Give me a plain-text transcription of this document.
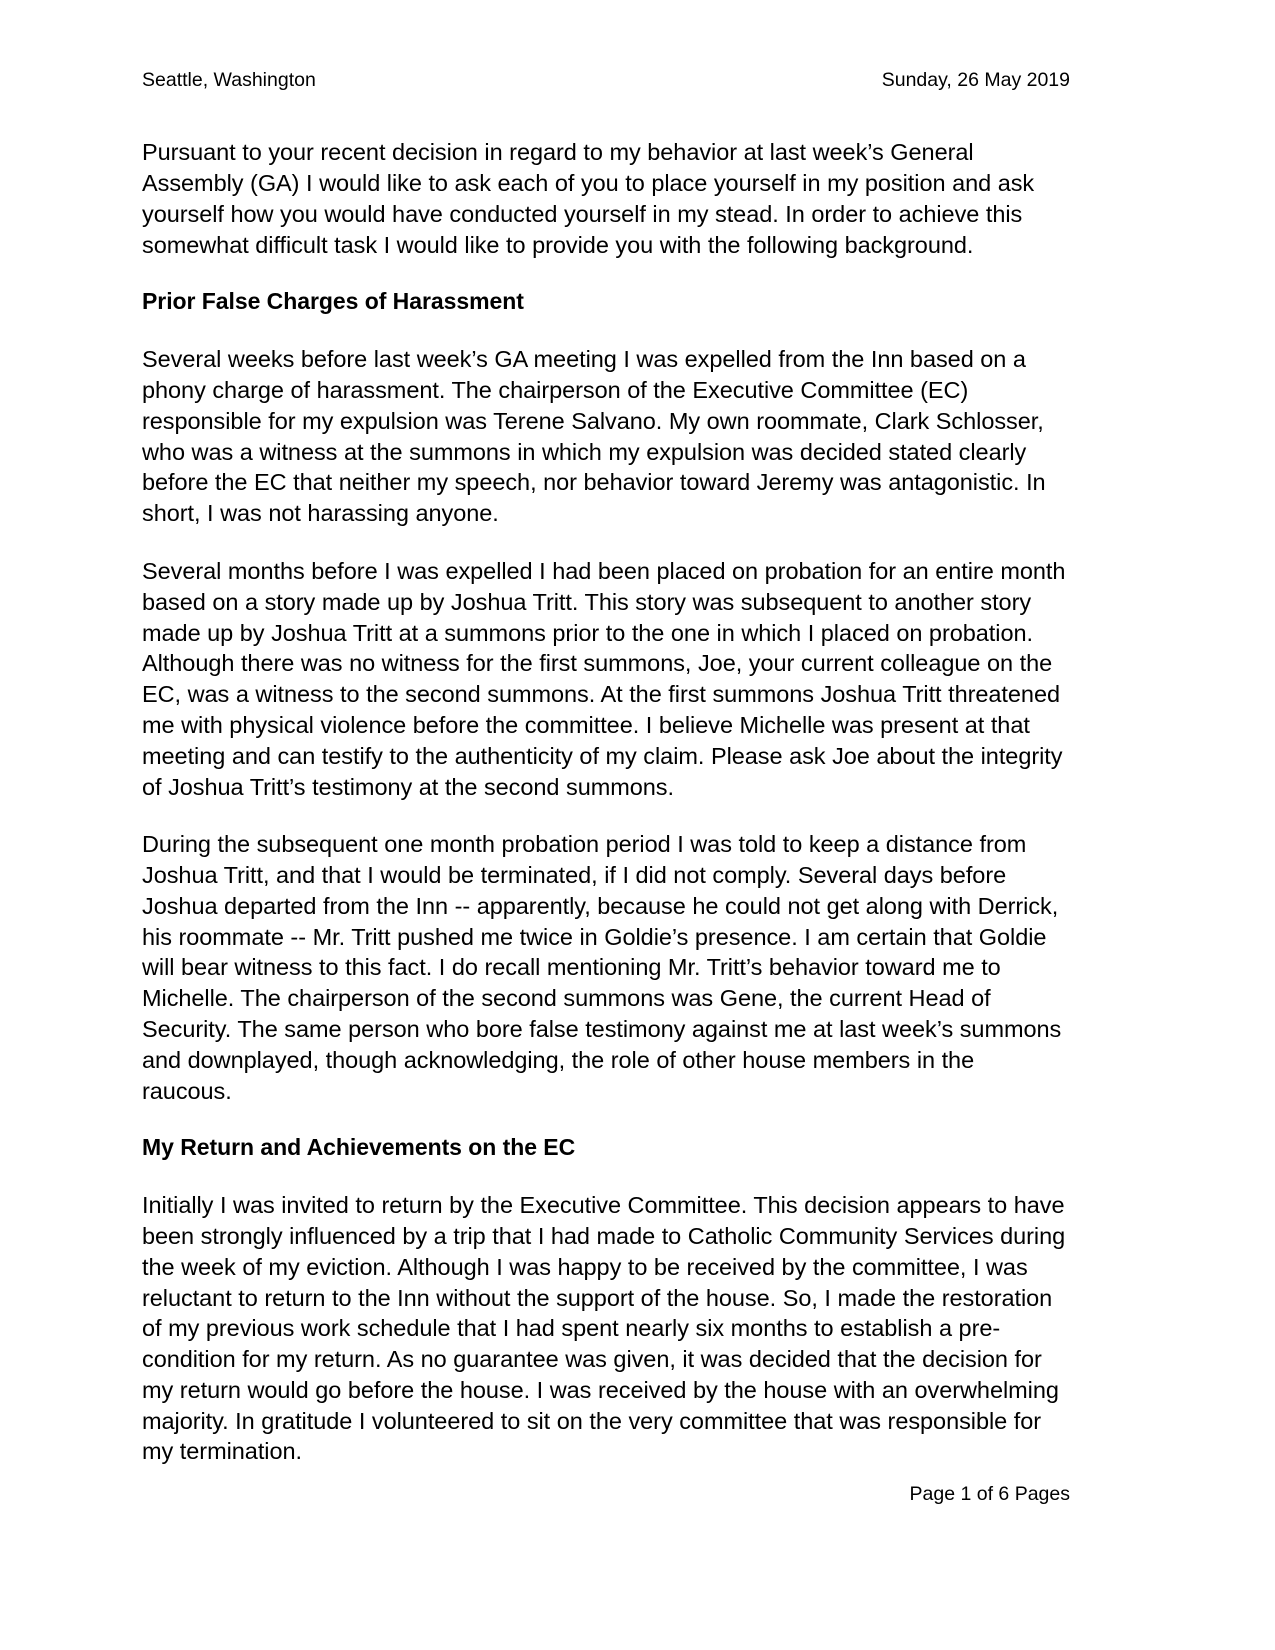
Seattle, Washington	Sunday, 26 May 2019

Pursuant to your recent decision in regard to my behavior at last week’s General Assembly (GA) I would like to ask each of you to place yourself in my position and ask yourself how you would have conducted yourself in my stead. In order to achieve this somewhat difficult task I would like to provide you with the following background.

Prior False Charges of Harassment

Several weeks before last week’s GA meeting I was expelled from the Inn based on a phony charge of harassment. The chairperson of the Executive Committee (EC) responsible for my expulsion was Terene Salvano. My own roommate, Clark Schlosser, who was a witness at the summons in which my expulsion was decided stated clearly before the EC that neither my speech, nor behavior toward Jeremy was antagonistic. In short, I was not harassing anyone.

Several months before I was expelled I had been placed on probation for an entire month based on a story made up by Joshua Tritt. This story was subsequent to another story made up by Joshua Tritt at a summons prior to the one in which I placed on probation. Although there was no witness for the first summons, Joe, your current colleague on the EC, was a witness to the second summons. At the first summons Joshua Tritt threatened me with physical violence before the committee. I believe Michelle was present at that meeting and can testify to the authenticity of my claim. Please ask Joe about the integrity of Joshua Tritt’s testimony at the second summons.

During the subsequent one month probation period I was told to keep a distance from Joshua Tritt, and that I would be terminated, if I did not comply. Several days before Joshua departed from the Inn -- apparently, because he could not get along with Derrick, his roommate -- Mr. Tritt pushed me twice in Goldie’s presence. I am certain that Goldie will bear witness to this fact. I do recall mentioning Mr. Tritt’s behavior toward me to Michelle. The chairperson of the second summons was Gene, the current Head of Security. The same person who bore false testimony against me at last week’s summons and downplayed, though acknowledging, the role of other house members in the raucous.

My Return and Achievements on the EC

Initially I was invited to return by the Executive Committee. This decision appears to have been strongly influenced by a trip that I had made to Catholic Community Services during the week of my eviction. Although I was happy to be received by the committee, I was reluctant to return to the Inn without the support of the house. So, I made the restoration of my previous work schedule that I had spent nearly six months to establish a pre-condition for my return. As no guarantee was given, it was decided that the decision for my return would go before the house. I was received by the house with an overwhelming majority. In gratitude I volunteered to sit on the very committee that was responsible for my termination.

Page 1 of 6 Pages
